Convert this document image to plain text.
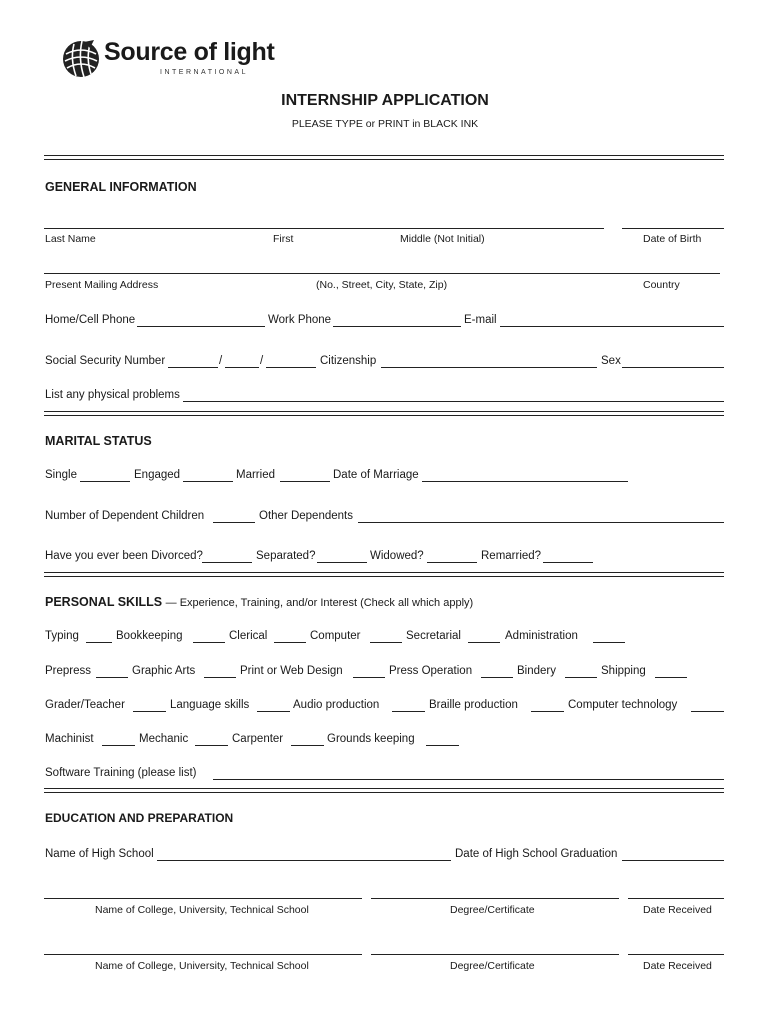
Source of light
INTERNATIONAL
INTERNSHIP APPLICATION
PLEASE TYPE or PRINT in BLACK INK
GENERAL INFORMATION
Last Name	First	Middle (Not Initial)	Date of Birth
Present Mailing Address	(No., Street, City, State, Zip)	Country
Home/Cell Phone	Work Phone	E-mail
Social Security Number	/	/	Citizenship	Sex
List any physical problems
MARITAL STATUS
Single	Engaged	Married	Date of Marriage
Number of Dependent Children	Other Dependents
Have you ever been Divorced?	Separated?	Widowed?	Remarried?
PERSONAL SKILLS — Experience, Training, and/or Interest (Check all which apply)
Typing	Bookkeeping	Clerical	Computer	Secretarial	Administration
Prepress	Graphic Arts	Print or Web Design	Press Operation	Bindery	Shipping
Grader/Teacher	Language skills	Audio production	Braille production	Computer technology
Machinist	Mechanic	Carpenter	Grounds keeping
Software Training (please list)
EDUCATION AND PREPARATION
Name of High School	Date of High School Graduation
Name of College, University, Technical School	Degree/Certificate	Date Received
Name of College, University, Technical School	Degree/Certificate	Date Received
